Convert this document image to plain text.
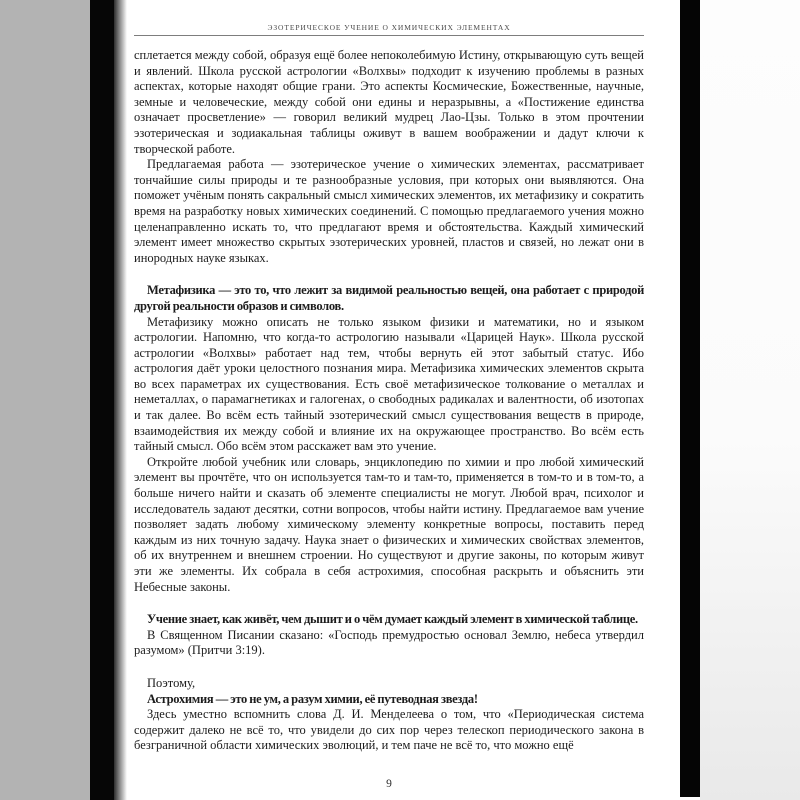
ЭЗОТЕРИЧЕСКОЕ УЧЕНИЕ О ХИМИЧЕСКИХ ЭЛЕМЕНТАХ

сплетается между собой, образуя ещё более непоколебимую Истину, открывающую суть вещей и явлений. Школа русской астрологии «Волхвы» подходит к изучению проблемы в разных аспектах, которые находят общие грани. Это аспекты Космические, Божественные, научные, земные и человеческие, между собой они едины и неразрывны, а «Постижение единства означает просветление» — говорил великий мудрец Лао-Цзы. Только в этом прочтении эзотерическая и зодиакальная таблицы оживут в вашем воображении и дадут ключи к творческой работе.

Предлагаемая работа — эзотерическое учение о химических элементах, рассматривает тончайшие силы природы и те разнообразные условия, при которых они выявляются. Она поможет учёным понять сакральный смысл химических элементов, их метафизику и сократить время на разработку новых химических соединений. С помощью предлагаемого учения можно целенаправленно искать то, что предлагают время и обстоятельства. Каждый химический элемент имеет множество скрытых эзотерических уровней, пластов и связей, но лежат они в инородных науке языках.

Метафизика — это то, что лежит за видимой реальностью вещей, она работает с природой другой реальности образов и символов.

Метафизику можно описать не только языком физики и математики, но и языком астрологии. Напомню, что когда-то астрологию называли «Царицей Наук». Школа русской астрологии «Волхвы» работает над тем, чтобы вернуть ей этот забытый статус. Ибо астрология даёт уроки целостного познания мира. Метафизика химических элементов скрыта во всех параметрах их существования. Есть своё метафизическое толкование о металлах и неметаллах, о парамагнетиках и галогенах, о свободных радикалах и валентности, об изотопах и так далее. Во всём есть тайный эзотерический смысл существования веществ в природе, взаимодействия их между собой и влияние их на окружающее пространство. Во всём есть тайный смысл. Обо всём этом расскажет вам это учение.

Откройте любой учебник или словарь, энциклопедию по химии и про любой химический элемент вы прочтёте, что он используется там-то и там-то, применяется в том-то и в том-то, а больше ничего найти и сказать об элементе специалисты не могут. Любой врач, психолог и исследователь задают десятки, сотни вопросов, чтобы найти истину. Предлагаемое вам учение позволяет задать любому химическому элементу конкретные вопросы, поставить перед каждым из них точную задачу. Наука знает о физических и химических свойствах элементов, об их внутреннем и внешнем строении. Но существуют и другие законы, по которым живут эти же элементы. Их собрала в себя астрохимия, способная раскрыть и объяснить эти Небесные законы.

Учение знает, как живёт, чем дышит и о чём думает каждый элемент в химической таблице.

В Священном Писании сказано: «Господь премудростью основал Землю, небеса утвердил разумом» (Притчи 3:19).

Поэтому,

Астрохимия — это не ум, а разум химии, её путеводная звезда!

Здесь уместно вспомнить слова Д. И. Менделеева о том, что «Периодическая система содержит далеко не всё то, что увидели до сих пор через телескоп периодического закона в безграничной области химических эволюций, и тем паче не всё то, что можно ещё

9
